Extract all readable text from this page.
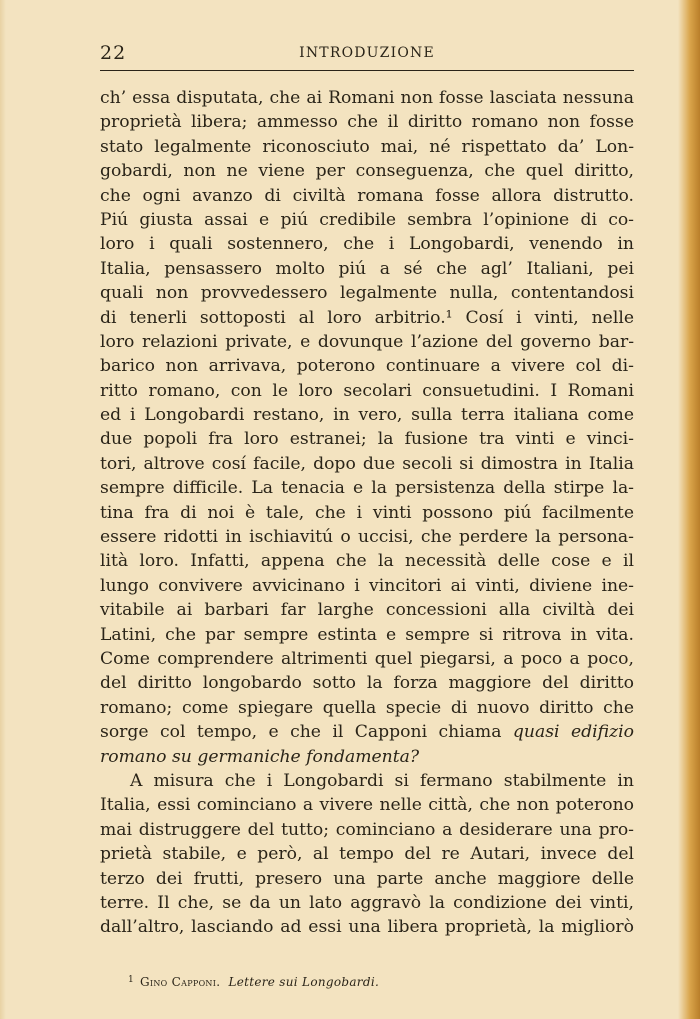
22	INTRODUZIONE
ch’ essa disputata, che ai Romani non fosse lasciata nessuna
proprietà libera; ammesso che il diritto romano non fosse
stato legalmente riconosciuto mai, né rispettato da’ Lon-
gobardi, non ne viene per conseguenza, che quel diritto,
che ogni avanzo di civiltà romana fosse allora distrutto.
Piú giusta assai e piú credibile sembra l’opinione di co-
loro i quali sostennero, che i Longobardi, venendo in
Italia, pensassero molto piú a sé che agl’ Italiani, pei
quali non provvedessero legalmente nulla, contentandosi
di tenerli sottoposti al loro arbitrio.¹ Cosí i vinti, nelle
loro relazioni private, e dovunque l’azione del governo bar-
barico non arrivava, poterono continuare a vivere col di-
ritto romano, con le loro secolari consuetudini. I Romani
ed i Longobardi restano, in vero, sulla terra italiana come
due popoli fra loro estranei; la fusione tra vinti e vinci-
tori, altrove cosí facile, dopo due secoli si dimostra in Italia
sempre difficile. La tenacia e la persistenza della stirpe la-
tina fra di noi è tale, che i vinti possono piú facilmente
essere ridotti in ischiavitú o uccisi, che perdere la persona-
lità loro. Infatti, appena che la necessità delle cose e il
lungo convivere avvicinano i vincitori ai vinti, diviene ine-
vitabile ai barbari far larghe concessioni alla civiltà dei
Latini, che par sempre estinta e sempre si ritrova in vita.
Come comprendere altrimenti quel piegarsi, a poco a poco,
del diritto longobardo sotto la forza maggiore del diritto
romano; come spiegare quella specie di nuovo diritto che
sorge col tempo, e che il Capponi chiama quasi edifizio
romano su germaniche fondamenta?
A misura che i Longobardi si fermano stabilmente in
Italia, essi cominciano a vivere nelle città, che non poterono
mai distruggere del tutto; cominciano a desiderare una pro-
prietà stabile, e però, al tempo del re Autari, invece del
terzo dei frutti, presero una parte anche maggiore delle
terre. Il che, se da un lato aggravò la condizione dei vinti,
dall’altro, lasciando ad essi una libera proprietà, la migliorò
$^1$ Gino Capponi. Lettere sui Longobardi.
